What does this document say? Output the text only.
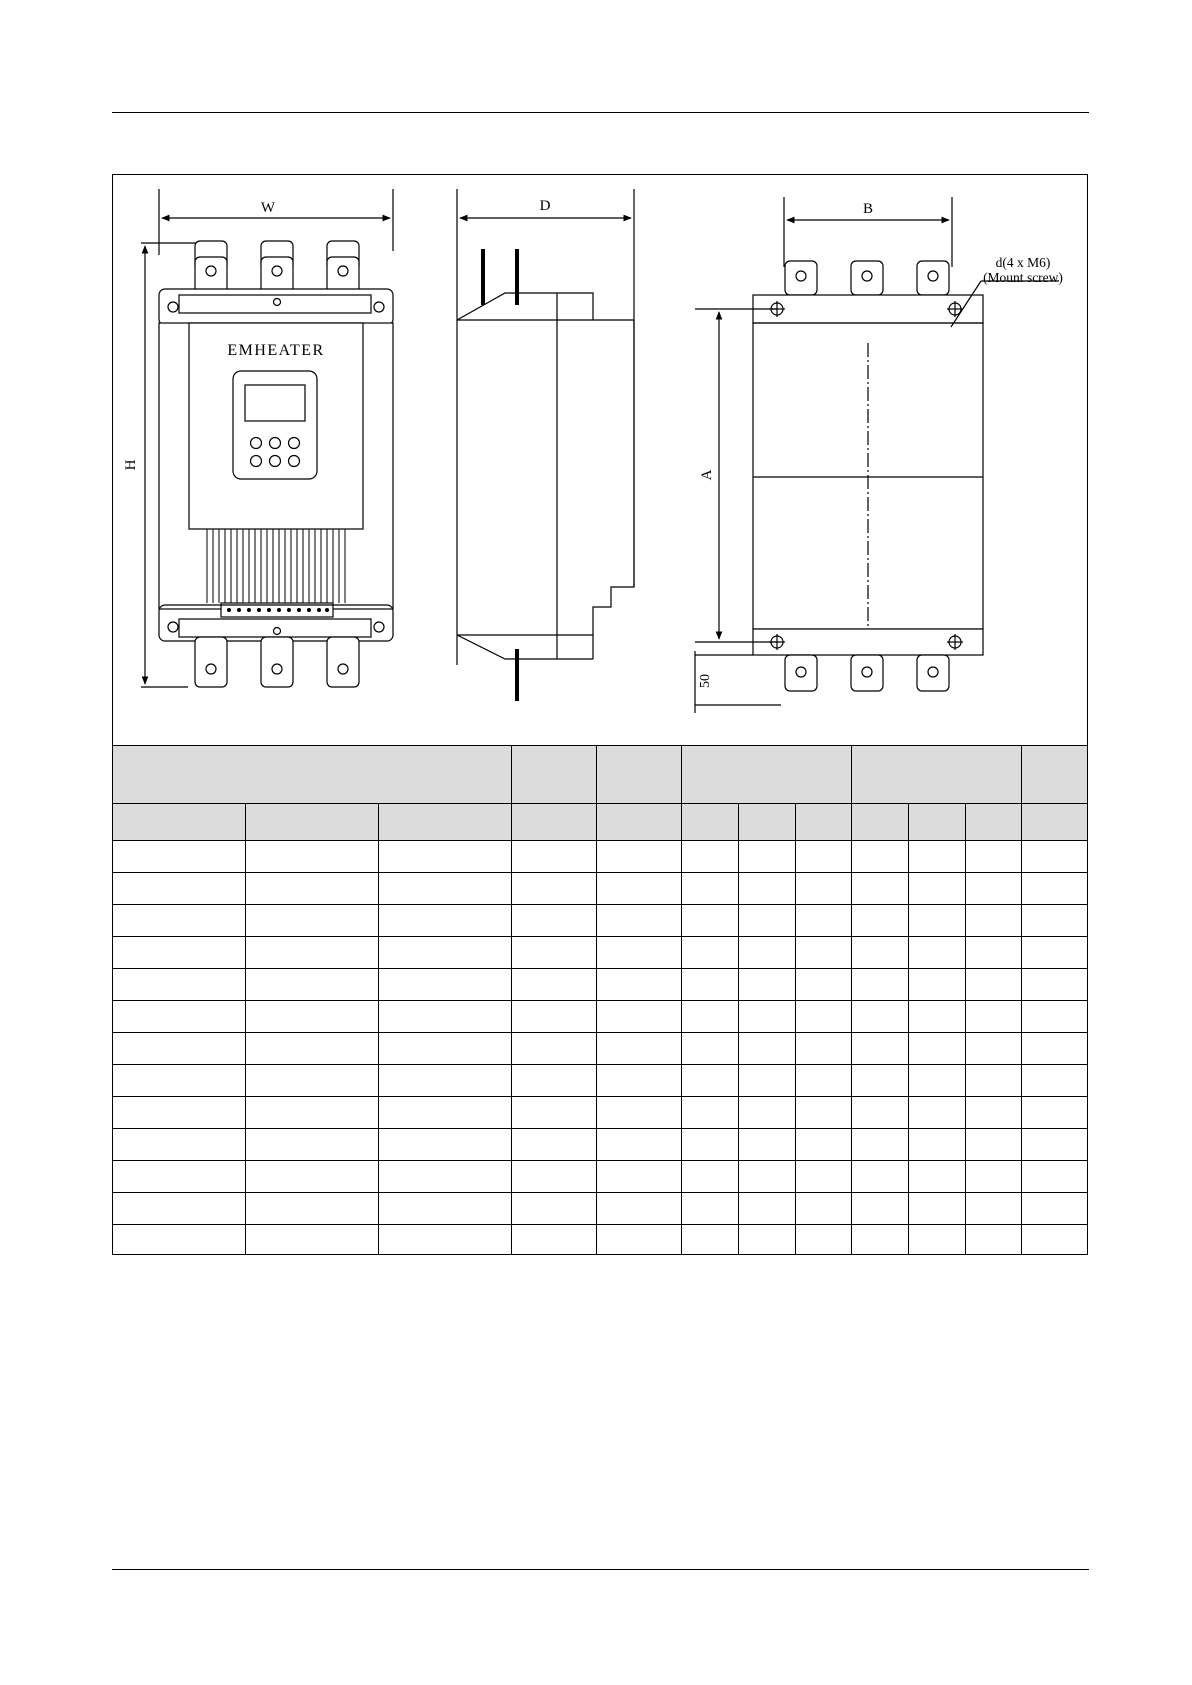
W
H
EMHEATER
D	B
A
50
d(4 x M6)
(Mount screw)
